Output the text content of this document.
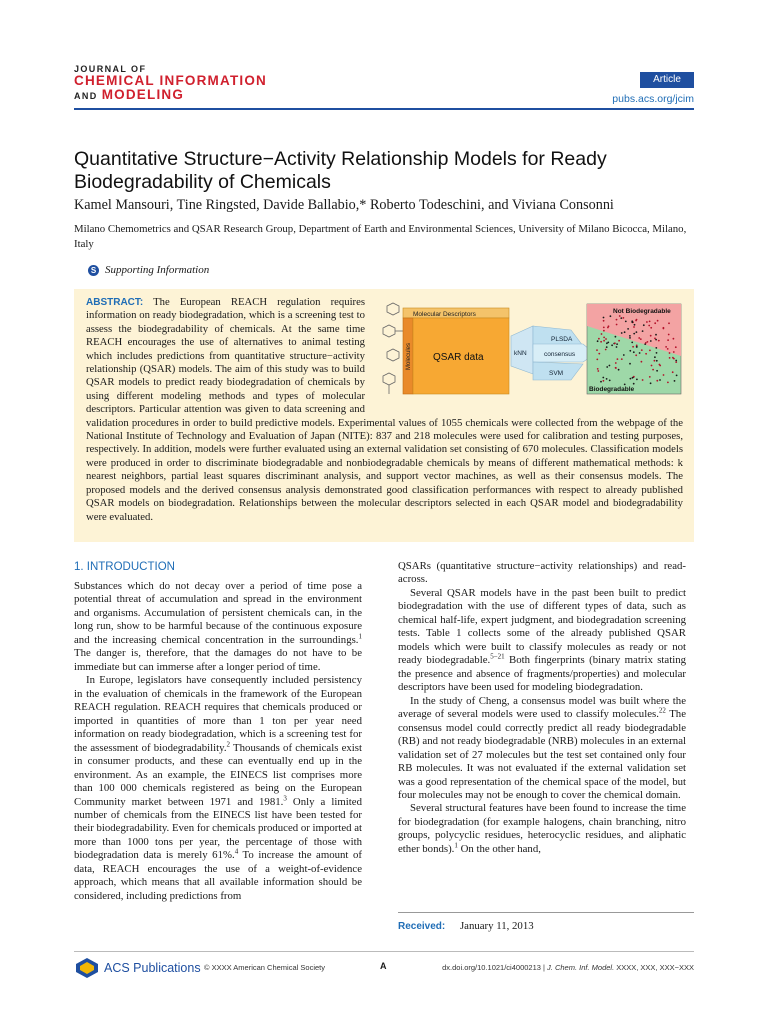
JOURNAL OF
CHEMICAL INFORMATION
AND MODELING
Article
pubs.acs.org/jcim
Quantitative Structure−Activity Relationship Models for Ready Biodegradability of Chemicals
Kamel Mansouri, Tine Ringsted, Davide Ballabio,* Roberto Todeschini, and Viviana Consonni
Milano Chemometrics and QSAR Research Group, Department of Earth and Environmental Sciences, University of Milano Bicocca, Milano, Italy
S Supporting Information
Molecular Descriptors
Molecules QSAR data	kNN
PLSDA
consensus
SVM
Not Biodegradable
Biodegradable
ABSTRACT: The European REACH regulation requires information on ready biodegradation, which is a screening test to assess the biodegradability of chemicals. At the same time REACH encourages the use of alternatives to animal testing which includes predictions from quantitative structure−activity relationship (QSAR) models. The aim of this study was to build QSAR models to predict ready biodegradation of chemicals by using different modeling methods and types of molecular descriptors. Particular attention was given to data screening and validation procedures in order to build predictive models. Experimental values of 1055 chemicals were collected from the webpage of the National Institute of Technology and Evaluation of Japan (NITE): 837 and 218 molecules were used for calibration and testing purposes, respectively. In addition, models were further evaluated using an external validation set consisting of 670 molecules. Classification models were produced in order to discriminate biodegradable and nonbiodegradable chemicals by means of different mathematical methods: k nearest neighbors, partial least squares discriminant analysis, and support vector machines, as well as their consensus models. The proposed models and the derived consensus analysis demonstrated good classification performances with respect to already published QSAR models on biodegradation. Relationships between the molecular descriptors selected in each QSAR model and biodegradability were evaluated.
1. INTRODUCTION

Substances which do not decay over a period of time pose a potential threat of accumulation and spread in the environment and organisms. Accumulation of persistent chemicals can, in the long run, show to be harmful because of the continuous exposure and the increasing chemical concentration in the surroundings.$^1$ The danger is, therefore, that the damages do not have to be immediate but can immerse after a longer period of time.

In Europe, legislators have consequently included persistency in the evaluation of chemicals in the framework of the European REACH regulation. REACH requires that chemicals produced or imported in quantities of more than 1 ton per year need information on ready biodegradation, which is a screening test for the assessment of biodegradability.$^2$ Thousands of chemicals exist in consumer products, and these can eventually end up in the environment. As an example, the EINECS list comprises more than 100 000 chemicals registered as being on the European Community market between 1971 and 1981.$^3$ Only a limited number of chemicals from the EINECS list have been tested for their biodegradability. Even for chemicals produced or imported at more than 1000 tons per year, the percentage of those with biodegradation data is merely 61%.$^4$ To increase the amount of data, REACH encourages the use of a weight-of-evidence approach, which means that all available information should be considered, including predictions from

QSARs (quantitative structure−activity relationships) and read-across.

Several QSAR models have in the past been built to predict biodegradation with the use of different types of data, such as chemical half-life, expert judgment, and biodegradation screening tests. Table 1 collects some of the already published QSAR models which were built to classify molecules as ready or not ready biodegradable.$^{5-21}$ Both fingerprints (binary matrix stating the presence and absence of fragments/properties) and molecular descriptors have been used for modeling biodegradation.

In the study of Cheng, a consensus model was built where the average of several models were used to classify molecules.$^{22}$ The consensus model could correctly predict all ready biodegradable (RB) and not ready biodegradable (NRB) molecules in an external validation set of 27 molecules but the test set contained only four RB molecules. It was not evaluated if the external validation set was a good representation of the chemical space of the model, but four molecules may not be enough to cover the chemical domain.

Several structural features have been found to increase the time for biodegradation (for example halogens, chain branching, nitro groups, polycyclic residues, heterocyclic residues, and aliphatic ether bonds).$^1$ On the other hand,

Received: January 11, 2013
ACS Publications © XXXX American Chemical Society	A	dx.doi.org/10.1021/ci4000213 | J. Chem. Inf. Model. XXXX, XXX, XXX−XXX
